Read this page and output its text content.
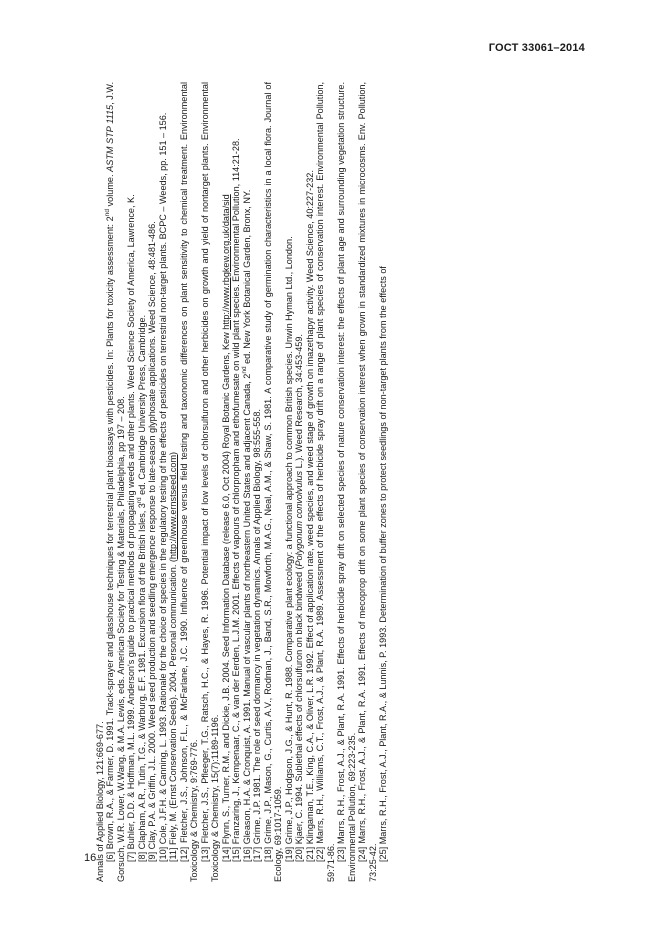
ГОСТ 33061–2014

Annals of Applied Biology, 121:669-677. [6] Brown, R.A., & Farmer, D. 1991. Track-sprayer and glasshouse techniques for terrestrial plant bioassays with pesticides. In: Plants for toxicity assessment: 2nd volume. ASTM STP 1115, J.W. Gorsuch, W.R. Lower, W.Wang, & M.A. Lewis, eds. American Society for Testing & Materials, Philadelphia, pp 197 – 208. [7] Buhler, D.D. & Hoffman, M.L. 1999. Anderson's guide to practical methods of propagating weeds and other plants. Weed Science Society of America, Lawrence, K. [8] Clapham, A.R., Tutin, T.G., & Warburg, E.F. 1981. Excursion flora of the British Isles, 3rd ed. Cambridge University Press, Cambridge. [9] Clay, P.A. & Griffin, J.L. 2000. Weed seed production and seedling emergence response to late-season glyphosate applications. Weed Science, 48:481-486. [10] Cole, J.F.H. & Canning, L. 1993. Rationale for the choice of species in the regulatory testing of the effects of pesticides on terrestrial non-target plants. BCPC – Weeds, pp. 151 – 156. [11] Fiely, M. (Ernst Conservation Seeds). 2004. Personal communication. (http://www.ernstseed.com) [12] Fletcher, J.S., Johnson, F.L., & McFarlane, J.C. 1990. Influence of greenhouse versus field testing and taxonomic differences on plant sensitivity to chemical treatment. Environmental Toxicology & Chemistry, 9:769-776. [13] Fletcher, J.S., Pfleeger, T.G., Ratsch, H.C., & Hayes, R. 1996. Potential impact of low levels of chlorsulfuron and other herbicides on growth and yield of nontarget plants. Environmental Toxicology & Chemistry, 15(7):1189-1196. [14] Flynn, S., Turner, R.M., and Dickie, J.B. 2004. Seed Information Database (release 6.0, Oct 2004) Royal Botanic Gardens, Kew http://www.rbgkew.org.uk/data/sid [15] Franzaring, J., Kempenaar, C., & van der Eerden, L.J.M. 2001. Effects of vapours of chlorpropham and ethofumesate on wild plant species. Environmental Pollution, 114:21-28. [16] Gleason, H.A. & Cronquist, A. 1991. Manual of vascular plants of northeastern United States and adjacent Canada, 2nd ed. New York Botanical Garden, Bronx, NY.

[17] Grime, J.P. 1981. The role of seed dormancy in vegetation dynamics. Annals of Applied Biology, 98:555-558. [18] Grime, J.P., Mason, G., Curtis, A.V., Rodman, J., Band, S.R., Mowforth, M.A.G., Neal, A.M., & Shaw, S. 1981. A comparative study of germination characteristics in a local flora. Journal of Ecology, 69:1017-1059. [19] Grime, J.P., Hodgson, J.G., & Hunt, R. 1988. Comparative plant ecology: a functional approach to common British species. Unwin Hyman Ltd., London. [20] Kjaer, C. 1994. Sublethal effects of chlorsulfuron on black bindweed (Polygonum convolvulus L.). Weed Research, 34:453-459. [21] Klingaman, T.E., King, C.A., & Oliver, L.R. 1992. Effect of application rate, weed species, and weed stage of growth on imazethapyr activity. Weed Science, 40:227-232. [22] Marrs, R.H., Williams, C.T., Frost, A.J., & Plant, R.A. 1989. Assessment of the effects of herbicide spray drift on a range of plant species of conservation interest. Environmental Pollution, 59:71-86.

[23] Marrs, R.H., Frost, A.J., & Plant, R.A. 1991. Effects of herbicide spray drift on selected species of nature conservation interest: the effects of plant age and surrounding vegetation structure. Environmental Pollution, 69:223-235. [24] Marrs, R.H., Frost, A.J., & Plant, R.A. 1991. Effects of mecoprop drift on some plant species of conservation interest when grown in standardized mixtures in microcosms. Env. Pollution, 73:25-42.

[25] Marrs, R.H., Frost, A.J., Plant, R.A., & Lunnis, P. 1993. Determination of buffer zones to protect seedlings of non-target plants from the effects of

16
